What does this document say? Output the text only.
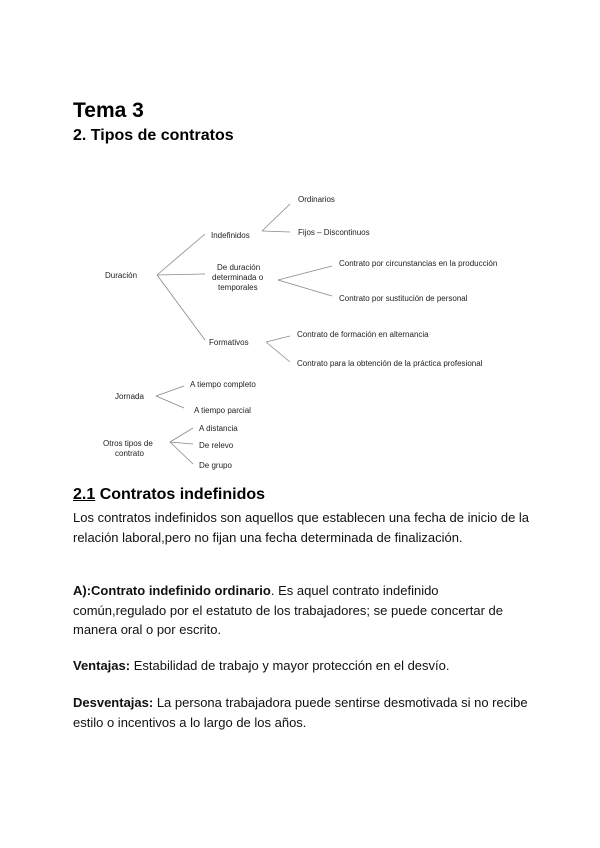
Tema 3
2. Tipos de contratos
Duración
Indefinidos
Ordinarios
Fijos – Discontinuos
De duración
determinada o
temporales
Contrato por circunstancias en la producción
Contrato por sustitución de personal
Formativos
Contrato de formación en alternancia
Contrato para la obtención de la práctica profesional
Jornada
A tiempo completo
A tiempo parcial
Otros tipos de
contrato
A distancia
De relevo
De grupo
2.1 Contratos indefinidos
Los contratos indefinidos son aquellos que establecen una fecha de inicio de la relación laboral,pero no fijan una fecha determinada de finalización.
A):Contrato indefinido ordinario. Es aquel contrato indefinido común,regulado por el estatuto de los trabajadores; se puede concertar de manera oral o por escrito.
Ventajas: Estabilidad de trabajo y mayor protección en el desvío.
Desventajas: La persona trabajadora puede sentirse desmotivada si no recibe estilo o incentivos a lo largo de los años.
